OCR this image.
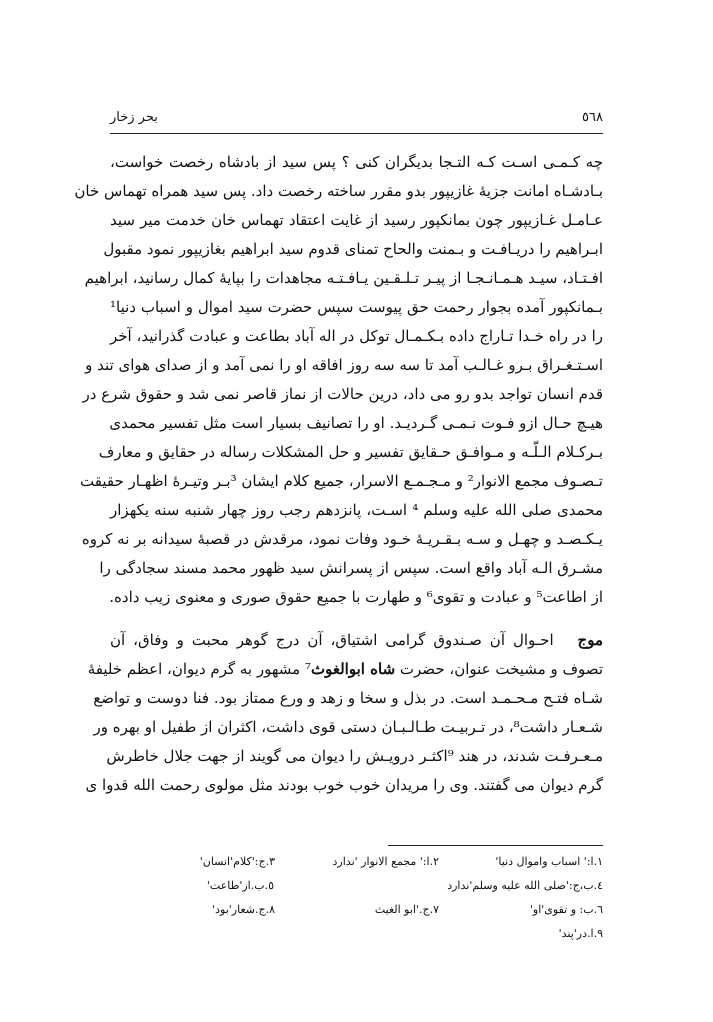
بحر زخار	٥٦٨
چه کـمـی اسـت کـه التـجا بدیگران کنی ؟ پس سید از بادشاه رخصت خواست،
بـادشـاه امانت جزیهٔ غازیپور بدو مقرر ساخته رخصت داد. پس سید همراه تهماس خان
عـامـل غـازیپور چون بمانکپور رسید از غایت اعتقاد تهماس خان خدمت میر سید
ابـراهیم را دریـافـت و بـمنت والحاح تمنای قدوم سید ابراهیم بغازیپور نمود مقبول
افـتـاد، سیـد هـمـانـجـا از پیـر تـلـقـین یـافـتـه مجاهدات را بپایهٔ کمال رسانید، ابراهیم
بـمانکپور آمده بجوار رحمت حق پیوست سپس حضرت سید اموال و اسباب دنیا¹
را در راه خـدا تـاراج داده بـکـمـال توکل در اله آباد بطاعت و عبادت گذرانید، آخر
اسـتـغـراق بـرو غـالـب آمد تا سه سه روز افاقه او را نمی آمد و از صدای هوای تند و
قدم انسان تواجد بدو رو می داد، درین حالات از نماز قاصر نمی شد و حقوق شرع در
هیـچ حـال ازو فـوت نـمـی گـردیـد. او را تصانیف بسیار است مثل تفسیر محمدی
بـرکـلام الـلّـه و مـوافـق حـقایق تفسیر و حل المشکلات رساله در حقایق و معارف
تـصـوف مجمع الانوار² و مـجـمـع الاسرار، جمیع کلام ایشان ³بـر وتیـرهٔ اظهـار حقیقت
محمدی صلی الله علیه وسلم ⁴ اسـت، پانزدهم رجب روز چهار شنبه سنه یکهزار
یـکـصـد و چهـل و سـه بـقـریـهٔ خـود وفات نمود، مرقدش در قصبهٔ سیدانه بر نه کروه
مشـرق الـه آباد واقع است. سپس از پسرانش سید ظهور محمد مسند سجادگی را
از اطاعت⁵ و عبادت و تقوی⁶ و طهارت با جمیع حقوق صوری و معنوی زیب داده.
موج   احـوال آن صـندوق گرامی اشتیاق، آن درج گوهر محبت و وفاق، آن
تصوف و مشیخت عنوان، حضرت شاه ابوالغوث⁷ مشهور به گرم دیوان، اعظم خلیفهٔ
شـاه فتـح مـحـمـد است. در بذل و سخا و زهد و ورع ممتاز بود. فنا دوست و تواضع
شـعـار داشت⁸، در تـربیـت طـالـبـان دستی قوی داشت، اکثران از طفیل او بهره ور
مـعـرفـت شدند، در هند ⁹اکثـر درویـش را دیوان می گویند از جهت جلال خاطرش
گرم دیوان می گفتند. وی را مریدان خوب خوب بودند مثل مولوی رحمت الله قدوا ی
۱.ا:' اسباب واموال دنیا'
۲.ا:' مجمع الانوار 'ندارد
۳.ج:'کلام'انسان'
٤.ب،ج:'صلی الله علیه وسلم'ندارد
٥.ب.از'طاعت'
٦.ب: و تقوی'او'
٧.ج.'ابو الغیث
٨.ج.شعار'بود'
٩.ا.در'پند'
